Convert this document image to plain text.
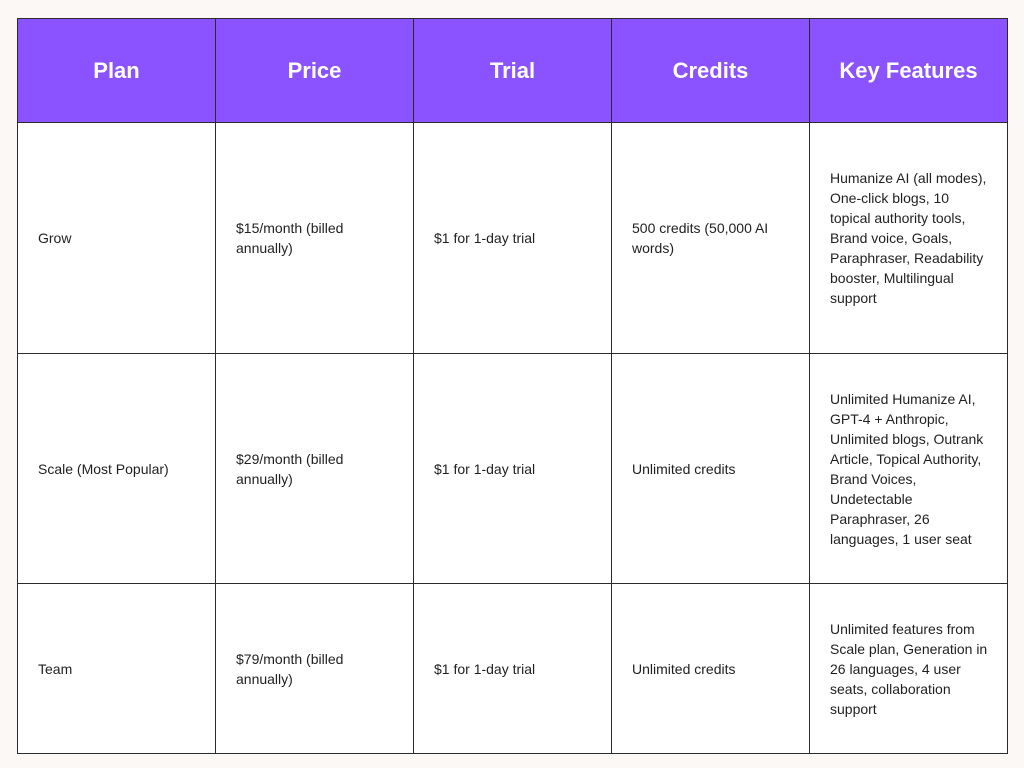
Plan	Price	Trial	Credits	Key Features
Grow	$15/month (billed annually)	$1 for 1-day trial	500 credits (50,000 AI words)	Humanize AI (all modes), One-click blogs, 10 topical authority tools, Brand voice, Goals, Paraphraser, Readability booster, Multilingual support
Scale (Most Popular)	$29/month (billed annually)	$1 for 1-day trial	Unlimited credits	Unlimited Humanize AI, GPT-4 + Anthropic, Unlimited blogs, Outrank Article, Topical Authority, Brand Voices, Undetectable Paraphraser, 26 languages, 1 user seat
Team	$79/month (billed annually)	$1 for 1-day trial	Unlimited credits	Unlimited features from Scale plan, Generation in 26 languages, 4 user seats, collaboration support
